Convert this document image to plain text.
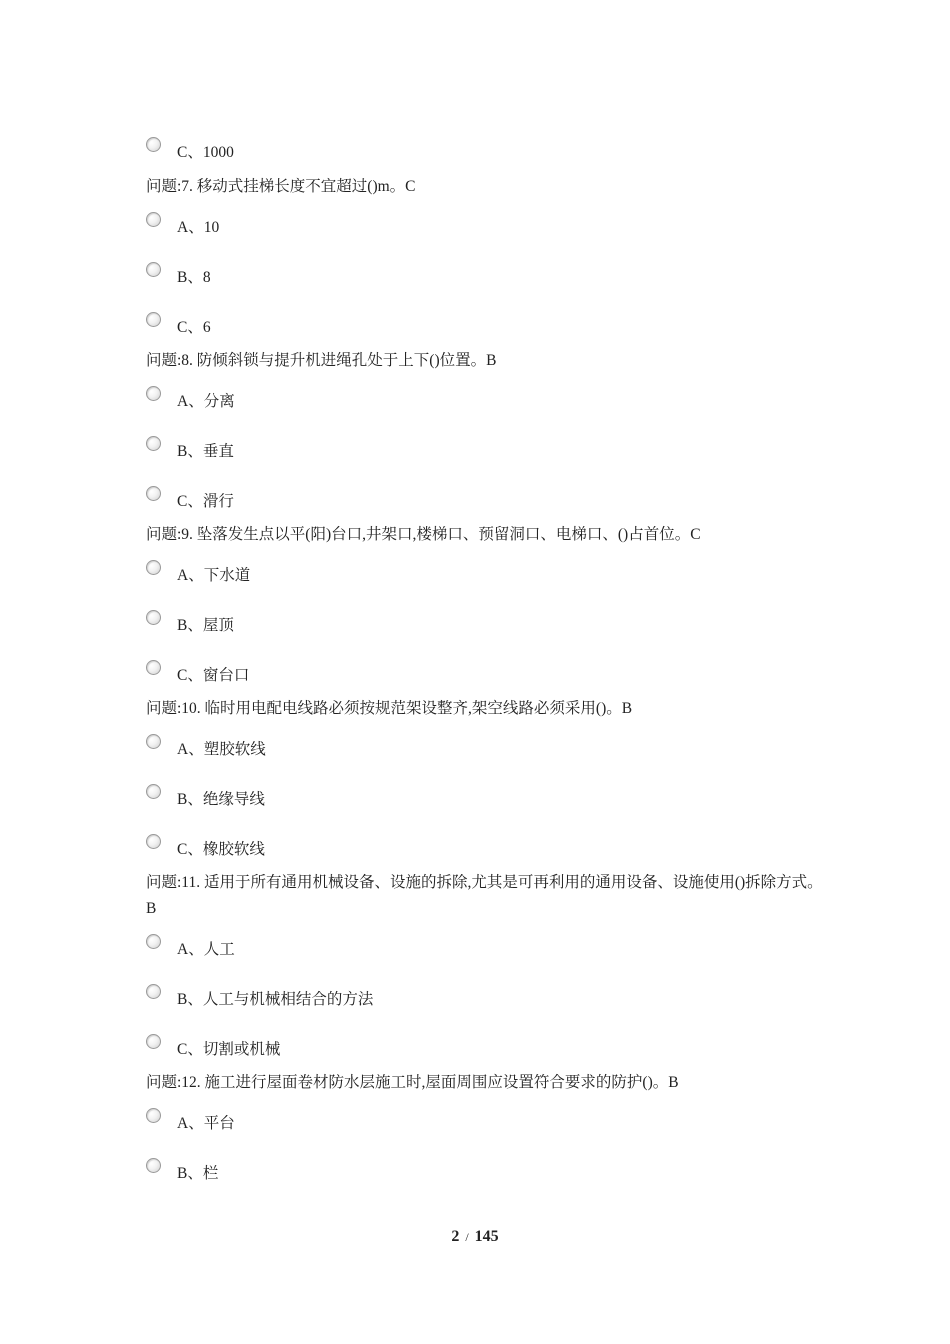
C、1000
问题:7. 移动式挂梯长度不宜超过()m。C
A、10
B、8
C、6
问题:8. 防倾斜锁与提升机进绳孔处于上下()位置。B
A、分离
B、垂直
C、滑行
问题:9. 坠落发生点以平(阳)台口,井架口,楼梯口、预留洞口、电梯口、()占首位。C
A、下水道
B、屋顶
C、窗台口
问题:10. 临时用电配电线路必须按规范架设整齐,架空线路必须采用()。B
A、塑胶软线
B、绝缘导线
C、橡胶软线
问题:11. 适用于所有通用机械设备、设施的拆除,尤其是可再利用的通用设备、设施使用()拆除方式。B
A、人工
B、人工与机械相结合的方法
C、切割或机械
问题:12. 施工进行屋面卷材防水层施工时,屋面周围应设置符合要求的防护()。B
A、平台
B、栏
2 / 145
